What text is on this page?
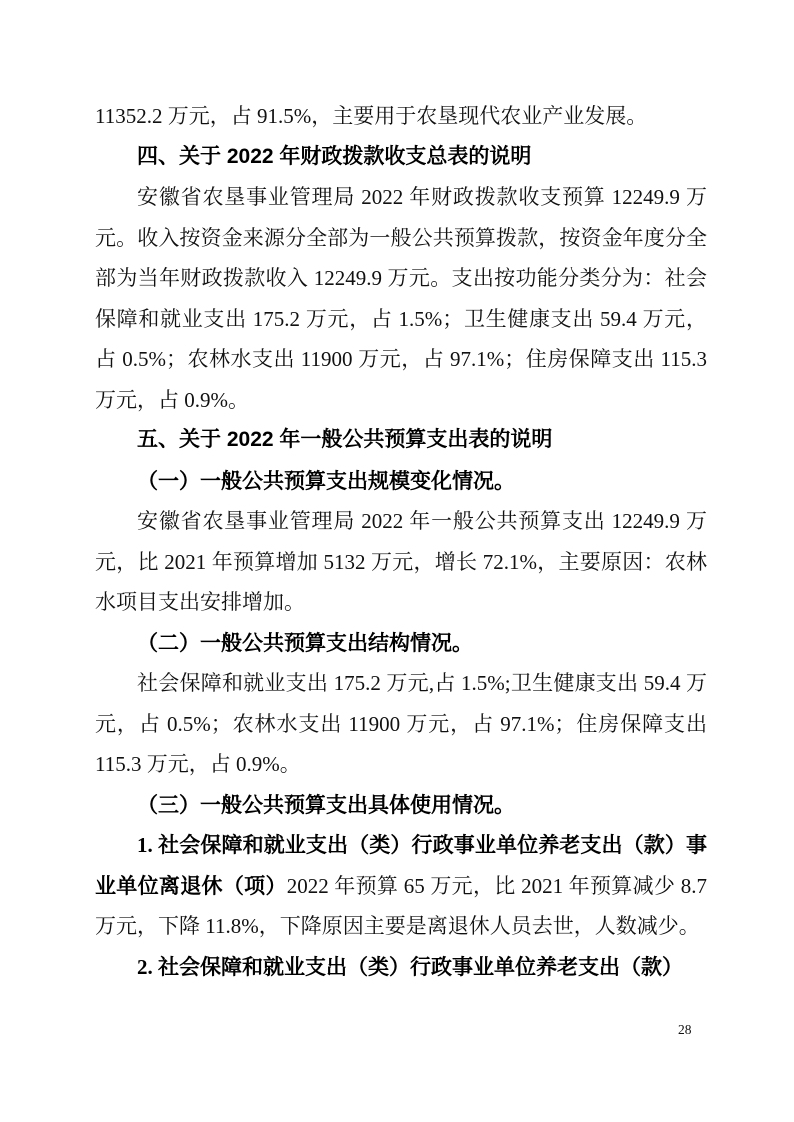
11352.2 万元，占 91.5%，主要用于农垦现代农业产业发展。

四、关于 2022 年财政拨款收支总表的说明

安徽省农垦事业管理局 2022 年财政拨款收支预算 12249.9 万元。收入按资金来源分全部为一般公共预算拨款，按资金年度分全部为当年财政拨款收入 12249.9 万元。支出按功能分类分为：社会保障和就业支出 175.2 万元，占 1.5%；卫生健康支出 59.4 万元，占 0.5%；农林水支出 11900 万元，占 97.1%；住房保障支出 115.3 万元，占 0.9%。

五、关于 2022 年一般公共预算支出表的说明

（一）一般公共预算支出规模变化情况。

安徽省农垦事业管理局 2022 年一般公共预算支出 12249.9 万元，比 2021 年预算增加 5132 万元，增长 72.1%，主要原因：农林水项目支出安排增加。

（二）一般公共预算支出结构情况。

社会保障和就业支出 175.2 万元,占 1.5%;卫生健康支出 59.4 万元，占 0.5%；农林水支出 11900 万元，占 97.1%；住房保障支出 115.3 万元，占 0.9%。

（三）一般公共预算支出具体使用情况。

1. 社会保障和就业支出（类）行政事业单位养老支出（款）事业单位离退休（项）2022 年预算 65 万元，比 2021 年预算减少 8.7 万元，下降 11.8%，下降原因主要是离退休人员去世，人数减少。

2. 社会保障和就业支出（类）行政事业单位养老支出（款）

28
